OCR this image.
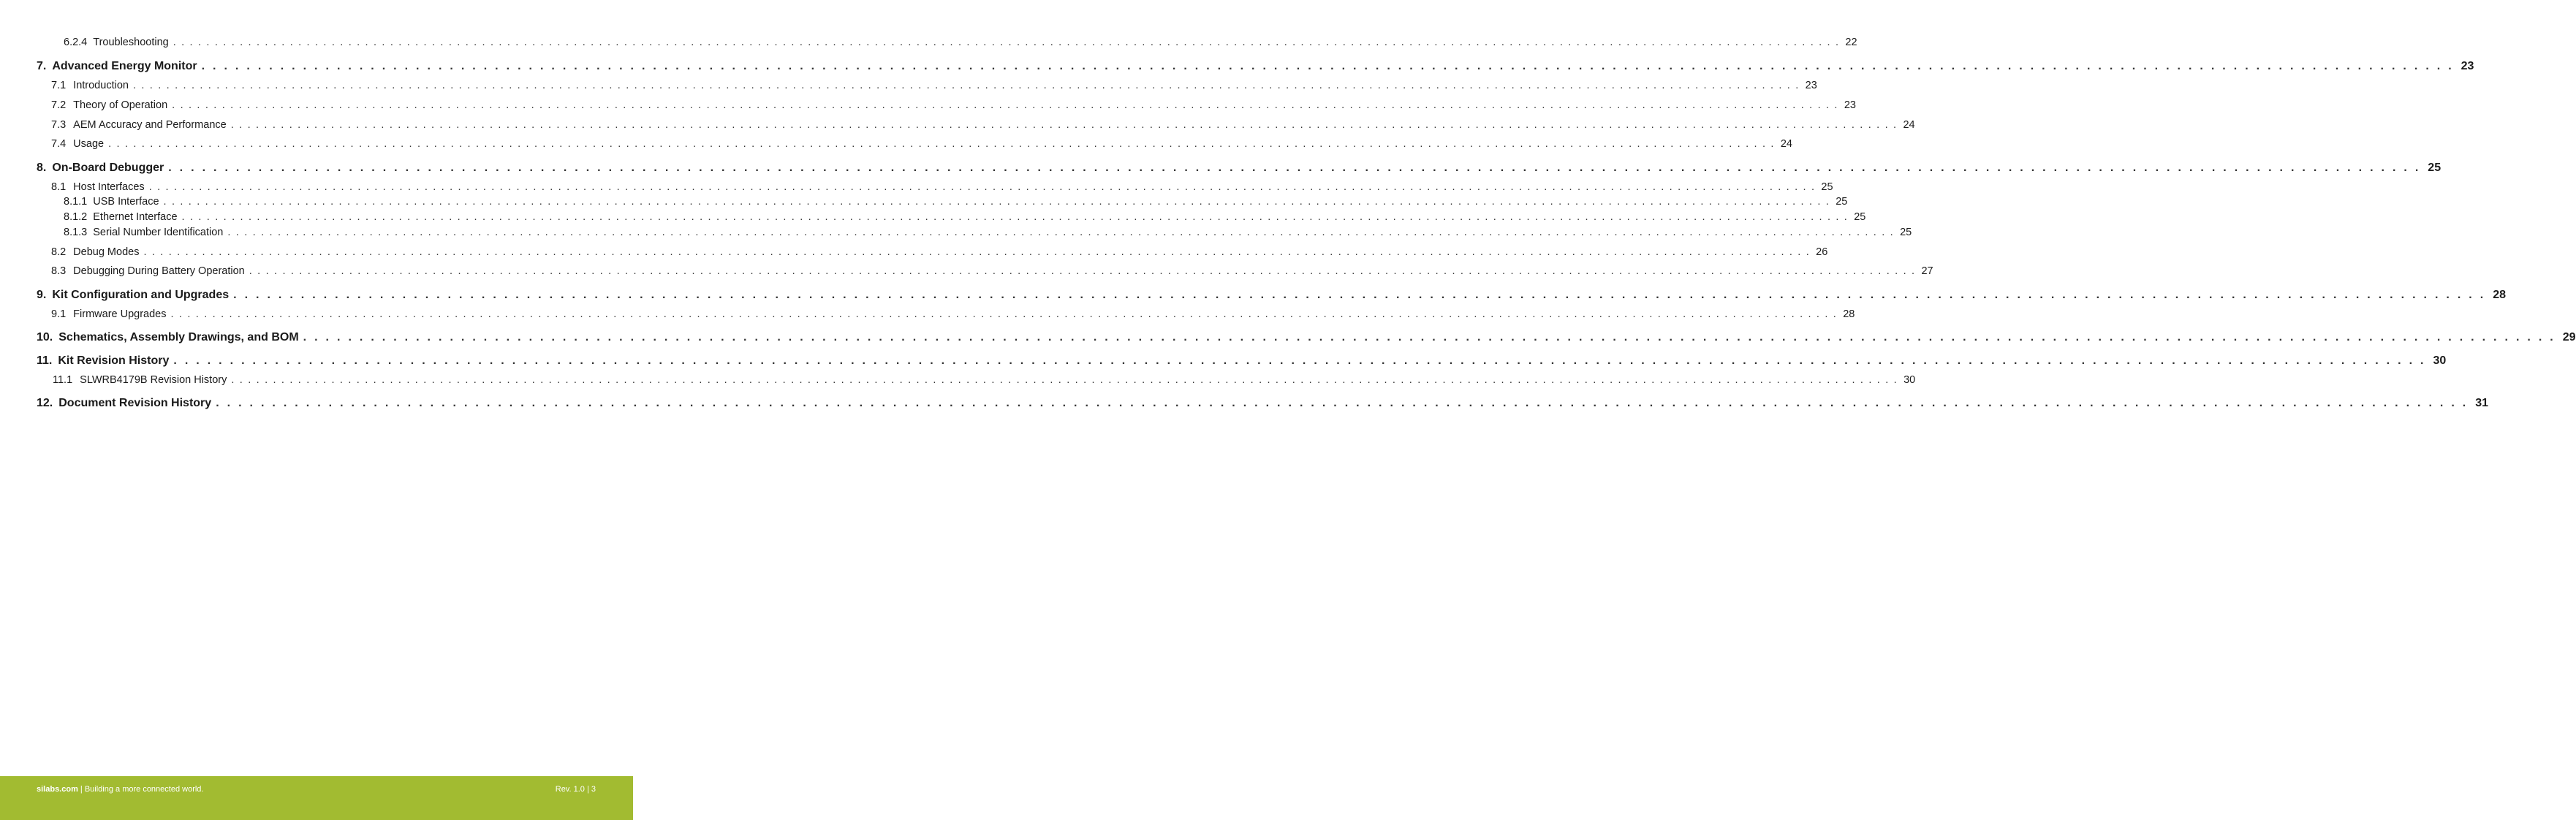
6.2.4 Troubleshooting ........................................................................................................................................................................................................ 22
7. Advanced Energy Monitor ........................................................................................................................................................................................................ 23
7.1 Introduction ........................................................................................................................................................................................................ 23
7.2 Theory of Operation ........................................................................................................................................................................................................ 23
7.3 AEM Accuracy and Performance ........................................................................................................................................................................................................ 24
7.4 Usage ........................................................................................................................................................................................................ 24
8. On-Board Debugger ........................................................................................................................................................................................................ 25
8.1 Host Interfaces ........................................................................................................................................................................................................ 25
8.1.1 USB Interface ........................................................................................................................................................................................................ 25
8.1.2 Ethernet Interface ........................................................................................................................................................................................................ 25
8.1.3 Serial Number Identification ........................................................................................................................................................................................................ 25
8.2 Debug Modes ........................................................................................................................................................................................................ 26
8.3 Debugging During Battery Operation ........................................................................................................................................................................................................ 27
9. Kit Configuration and Upgrades ........................................................................................................................................................................................................ 28
9.1 Firmware Upgrades ........................................................................................................................................................................................................ 28
10. Schematics, Assembly Drawings, and BOM ........................................................................................................................................................................................................ 29
11. Kit Revision History ........................................................................................................................................................................................................ 30
11.1 SLWRB4179B Revision History ........................................................................................................................................................................................................ 30
12. Document Revision History ........................................................................................................................................................................................................ 31
silabs.com | Building a more connected world.	Rev. 1.0 | 3
